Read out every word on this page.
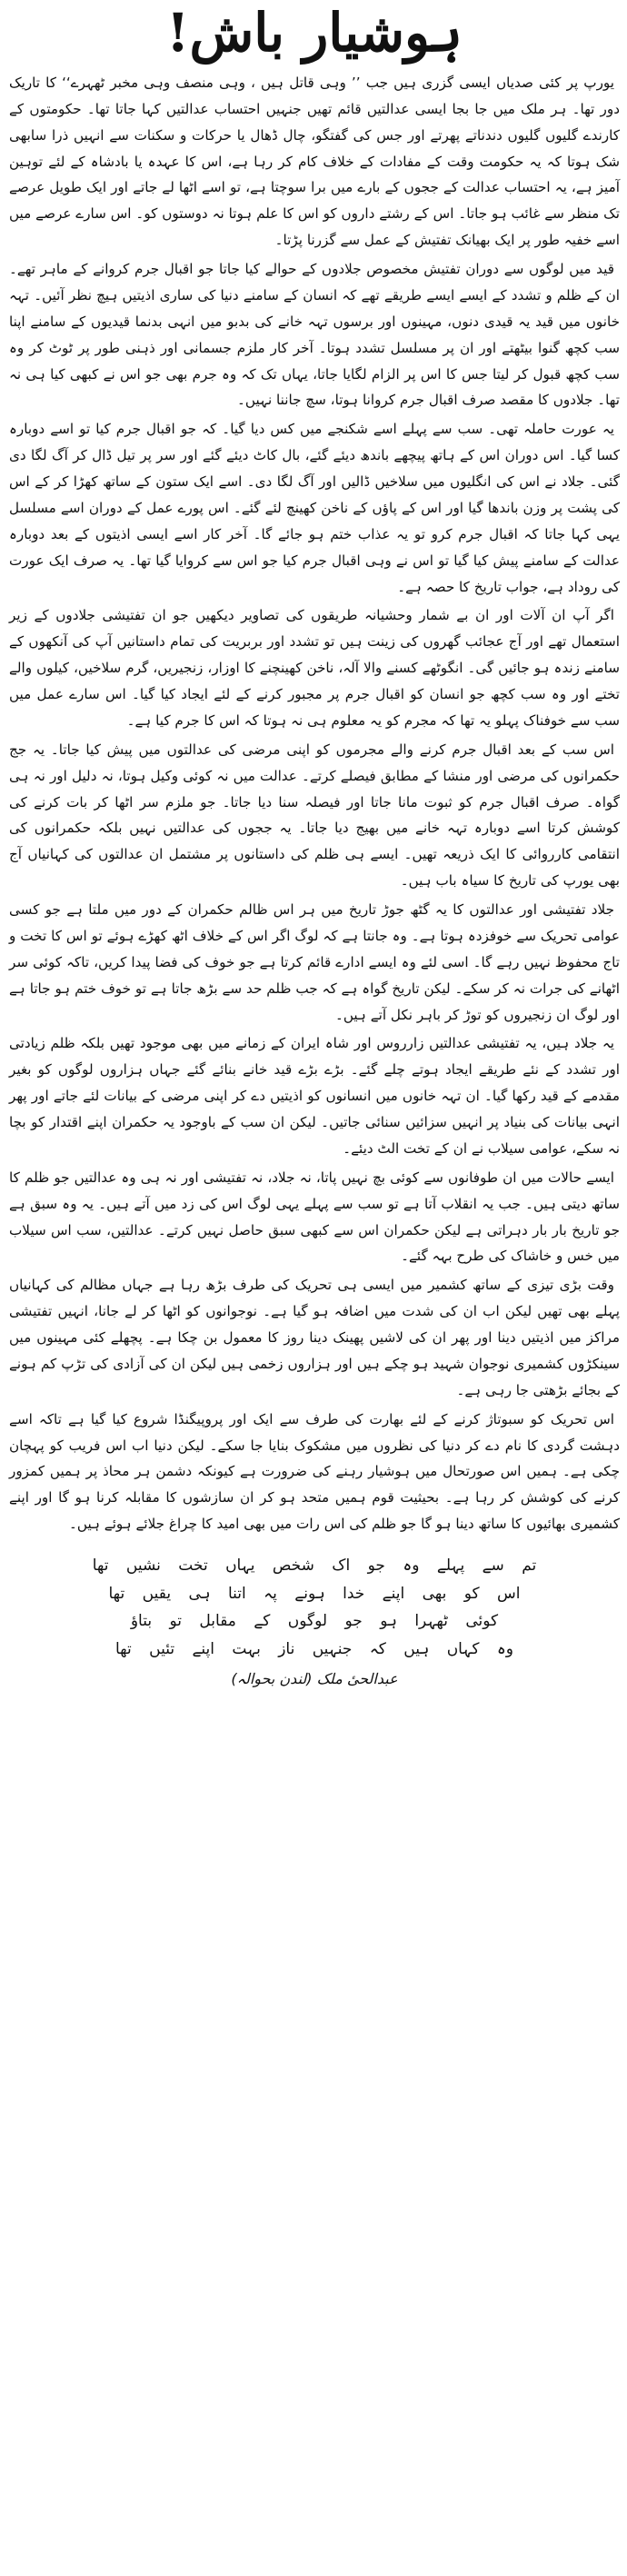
ہوشیار باش!

یورپ پر کئی صدیاں ایسی گزری ہیں جب ’’ وہی قاتل ہیں ، وہی منصف وہی مخبر ٹھہرے‘‘ کا تاریک دور تھا۔ ہر ملک میں جا بجا ایسی عدالتیں قائم تھیں جنہیں احتساب عدالتیں کہا جاتا تھا۔ حکومتوں کے کارندے گلیوں گلیوں دندناتے پھرتے اور جس کی گفتگو، چال ڈھال یا حرکات و سکنات سے انہیں ذرا سابھی شک ہوتا کہ یہ حکومت وقت کے مفادات کے خلاف کام کر رہا ہے، اس کا عہدہ یا بادشاہ کے لئے توہین آمیز ہے، یہ احتساب عدالت کے ججوں کے بارے میں برا سوچتا ہے، تو اسے اٹھا لے جاتے اور ایک طویل عرصے تک منظر سے غائب ہو جاتا۔ اس کے رشتے داروں کو اس کا علم ہوتا نہ دوستوں کو۔ اس سارے عرصے میں اسے خفیہ طور پر ایک بھیانک تفتیش کے عمل سے گزرنا پڑتا۔

قید میں لوگوں سے دوران تفتیش مخصوص جلادوں کے حوالے کیا جاتا جو اقبال جرم کروانے کے ماہر تھے۔ ان کے ظلم و تشدد کے ایسے ایسے طریقے تھے کہ انسان کے سامنے دنیا کی ساری اذیتیں ہیچ نظر آئیں۔ تہہ خانوں میں قید یہ قیدی دنوں، مہینوں اور برسوں تہہ خانے کی بدبو میں انہی بدنما قیدیوں کے سامنے اپنا سب کچھ گنوا بیٹھتے اور ان پر مسلسل تشدد ہوتا۔ آخر کار ملزم جسمانی اور ذہنی طور پر ٹوٹ کر وہ سب کچھ قبول کر لیتا جس کا اس پر الزام لگایا جاتا، یہاں تک کہ وہ جرم بھی جو اس نے کبھی کیا ہی نہ تھا۔ جلادوں کا مقصد صرف اقبال جرم کروانا ہوتا، سچ جاننا نہیں۔

یہ عورت حاملہ تھی۔ سب سے پہلے اسے شکنجے میں کس دیا گیا۔ کہ جو اقبال جرم کیا تو اسے دوبارہ کسا گیا۔ اس دوران اس کے ہاتھ پیچھے باندھ دیئے گئے، بال کاٹ دیئے گئے اور سر پر تیل ڈال کر آگ لگا دی گئی۔ جلاد نے اس کی انگلیوں میں سلاخیں ڈالیں اور آگ لگا دی۔ اسے ایک ستون کے ساتھ کھڑا کر کے اس کی پشت پر وزن باندھا گیا اور اس کے پاؤں کے ناخن کھینچ لئے گئے۔ اس پورے عمل کے دوران اسے مسلسل یہی کہا جاتا کہ اقبال جرم کرو تو یہ عذاب ختم ہو جائے گا۔ آخر کار اسے ایسی اذیتوں کے بعد دوبارہ عدالت کے سامنے پیش کیا گیا تو اس نے وہی اقبال جرم کیا جو اس سے کروایا گیا تھا۔ یہ صرف ایک عورت کی روداد ہے، جواب تاریخ کا حصہ ہے۔

اگر آپ ان آلات اور ان بے شمار وحشیانہ طریقوں کی تصاویر دیکھیں جو ان تفتیشی جلادوں کے زیر استعمال تھے اور آج عجائب گھروں کی زینت ہیں تو تشدد اور بربریت کی تمام داستانیں آپ کی آنکھوں کے سامنے زندہ ہو جائیں گی۔ انگوٹھے کسنے والا آلہ، ناخن کھینچنے کا اوزار، زنجیریں، گرم سلاخیں، کیلوں والے تختے اور وہ سب کچھ جو انسان کو اقبال جرم پر مجبور کرنے کے لئے ایجاد کیا گیا۔ اس سارے عمل میں سب سے خوفناک پہلو یہ تھا کہ مجرم کو یہ معلوم ہی نہ ہوتا کہ اس کا جرم کیا ہے۔

اس سب کے بعد اقبال جرم کرنے والے مجرموں کو اپنی مرضی کی عدالتوں میں پیش کیا جاتا۔ یہ جج حکمرانوں کی مرضی اور منشا کے مطابق فیصلے کرتے۔ عدالت میں نہ کوئی وکیل ہوتا، نہ دلیل اور نہ ہی گواہ۔ صرف اقبال جرم کو ثبوت مانا جاتا اور فیصلہ سنا دیا جاتا۔ جو ملزم سر اٹھا کر بات کرنے کی کوشش کرتا اسے دوبارہ تہہ خانے میں بھیج دیا جاتا۔ یہ ججوں کی عدالتیں نہیں بلکہ حکمرانوں کی انتقامی کارروائی کا ایک ذریعہ تھیں۔ ایسے ہی ظلم کی داستانوں پر مشتمل ان عدالتوں کی کہانیاں آج بھی یورپ کی تاریخ کا سیاہ باب ہیں۔

جلاد تفتیشی اور عدالتوں کا یہ گٹھ جوڑ تاریخ میں ہر اس ظالم حکمران کے دور میں ملتا ہے جو کسی عوامی تحریک سے خوفزدہ ہوتا ہے۔ وہ جانتا ہے کہ لوگ اگر اس کے خلاف اٹھ کھڑے ہوئے تو اس کا تخت و تاج محفوظ نہیں رہے گا۔ اسی لئے وہ ایسے ادارے قائم کرتا ہے جو خوف کی فضا پیدا کریں، تاکہ کوئی سر اٹھانے کی جرات نہ کر سکے۔ لیکن تاریخ گواہ ہے کہ جب ظلم حد سے بڑھ جاتا ہے تو خوف ختم ہو جاتا ہے اور لوگ ان زنجیروں کو توڑ کر باہر نکل آتے ہیں۔

یہ جلاد ہیں، یہ تفتیشی عدالتیں زارروس اور شاہ ایران کے زمانے میں بھی موجود تھیں بلکہ ظلم زیادتی اور تشدد کے نئے طریقے ایجاد ہوتے چلے گئے۔ بڑے بڑے قید خانے بنائے گئے جہاں ہزاروں لوگوں کو بغیر مقدمے کے قید رکھا گیا۔ ان تہہ خانوں میں انسانوں کو اذیتیں دے کر اپنی مرضی کے بیانات لئے جاتے اور پھر انہی بیانات کی بنیاد پر انہیں سزائیں سنائی جاتیں۔ لیکن ان سب کے باوجود یہ حکمران اپنے اقتدار کو بچا نہ سکے، عوامی سیلاب نے ان کے تخت الٹ دیئے۔

ایسے حالات میں ان طوفانوں سے کوئی بچ نہیں پاتا، نہ جلاد، نہ تفتیشی اور نہ ہی وہ عدالتیں جو ظلم کا ساتھ دیتی ہیں۔ جب یہ انقلاب آتا ہے تو سب سے پہلے یہی لوگ اس کی زد میں آتے ہیں۔ یہ وہ سبق ہے جو تاریخ بار بار دہراتی ہے لیکن حکمران اس سے کبھی سبق حاصل نہیں کرتے۔ عدالتیں، سب اس سیلاب میں خس و خاشاک کی طرح بہہ گئے۔

وقت بڑی تیزی کے ساتھ کشمیر میں ایسی ہی تحریک کی طرف بڑھ رہا ہے جہاں مظالم کی کہانیاں پہلے بھی تھیں لیکن اب ان کی شدت میں اضافہ ہو گیا ہے۔ نوجوانوں کو اٹھا کر لے جانا، انہیں تفتیشی مراکز میں اذیتیں دینا اور پھر ان کی لاشیں پھینک دینا روز کا معمول بن چکا ہے۔ پچھلے کئی مہینوں میں سینکڑوں کشمیری نوجوان شہید ہو چکے ہیں اور ہزاروں زخمی ہیں لیکن ان کی آزادی کی تڑپ کم ہونے کے بجائے بڑھتی جا رہی ہے۔

اس تحریک کو سبوتاژ کرنے کے لئے بھارت کی طرف سے ایک اور پروپیگنڈا شروع کیا گیا ہے تاکہ اسے دہشت گردی کا نام دے کر دنیا کی نظروں میں مشکوک بنایا جا سکے۔ لیکن دنیا اب اس فریب کو پہچان چکی ہے۔ ہمیں اس صورتحال میں ہوشیار رہنے کی ضرورت ہے کیونکہ دشمن ہر محاذ پر ہمیں کمزور کرنے کی کوشش کر رہا ہے۔ بحیثیت قوم ہمیں متحد ہو کر ان سازشوں کا مقابلہ کرنا ہو گا اور اپنے کشمیری بھائیوں کا ساتھ دینا ہو گا جو ظلم کی اس رات میں بھی امید کا چراغ جلائے ہوئے ہیں۔

تم سے پہلے وہ جو اک شخص یہاں تخت نشیں تھا

اس کو بھی اپنے خدا ہونے پہ اتنا ہی یقیں تھا

کوئی ٹھہرا ہو جو لوگوں کے مقابل تو بتاؤ

وہ کہاں ہیں کہ جنہیں ناز بہت اپنے تئیں تھا

عبدالحیٔ ملک (لندن بحوالہ)
